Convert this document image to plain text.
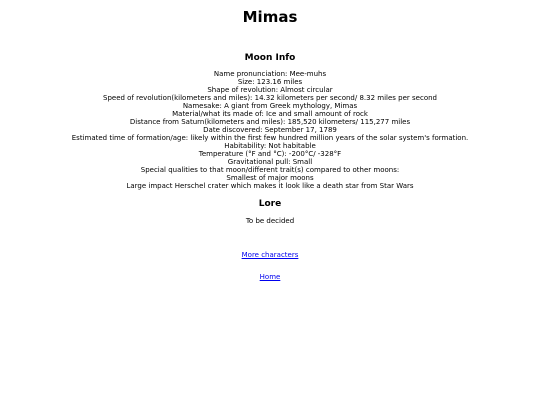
Mimas
Moon Info
Name pronunciation: Mee-muhs
Size: 123.16 miles
Shape of revolution: Almost circular
Speed of revolution(kilometers and miles): 14.32 kilometers per second/ 8.32 miles per second
Namesake: A giant from Greek mythology, Mimas
Material/what its made of: Ice and small amount of rock
Distance from Saturn(kilometers and miles): 185,520 kilometers/ 115,277 miles
Date discovered: September 17, 1789
Estimated time of formation/age: likely within the first few hundred million years of the solar system's formation.
Habitability: Not habitable
Temperature (°F and °C): -200°C/ -328°F
Gravitational pull: Small
Special qualities to that moon/different trait(s) compared to other moons:
Smallest of major moons
Large impact Herschel crater which makes it look like a death star from Star Wars
Lore
To be decided
More characters
Home
